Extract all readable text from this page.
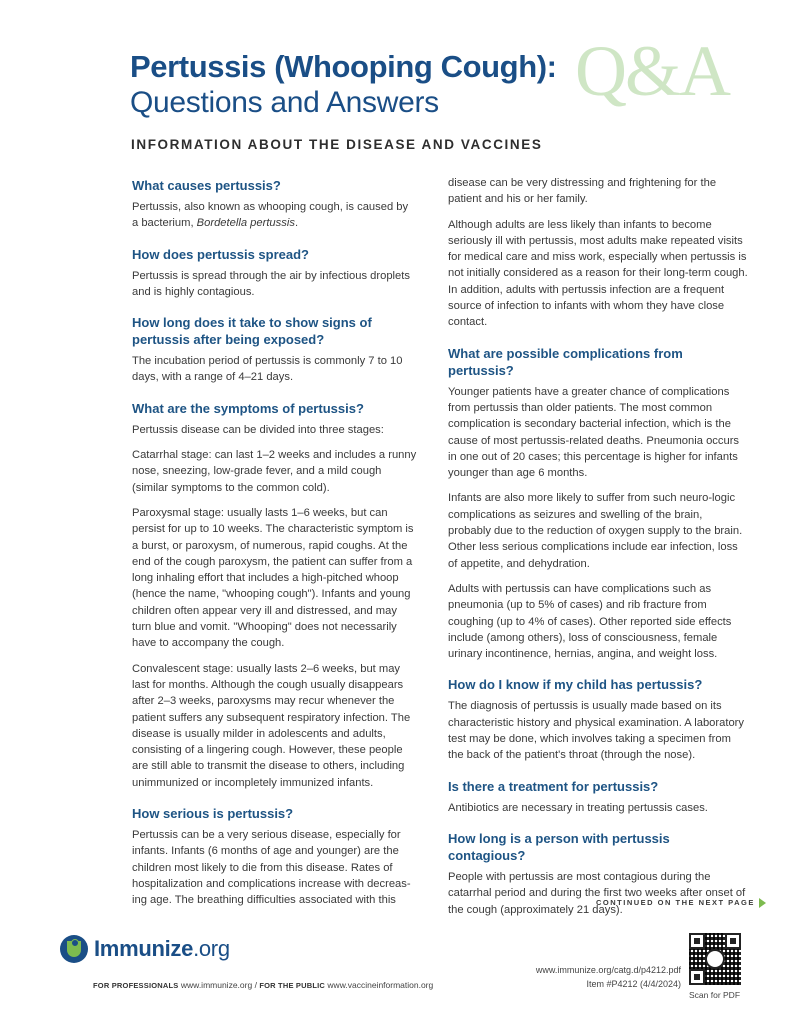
Pertussis (Whooping Cough):
Questions and Answers Q&A
INFORMATION ABOUT THE DISEASE AND VACCINES
What causes pertussis?

Pertussis, also known as whooping cough, is caused by a bacterium, Bordetella pertussis.

How does pertussis spread?

Pertussis is spread through the air by infectious droplets and is highly contagious.

How long does it take to show signs of pertussis after being exposed?

The incubation period of pertussis is commonly 7 to 10 days, with a range of 4–21 days.

What are the symptoms of pertussis?

Pertussis disease can be divided into three stages:

Catarrhal stage: can last 1–2 weeks and includes a runny nose, sneezing, low-grade fever, and a mild cough (similar symptoms to the common cold).

Paroxysmal stage: usually lasts 1–6 weeks, but can persist for up to 10 weeks. The characteristic symptom is a burst, or paroxysm, of numerous, rapid coughs. At the end of the cough paroxysm, the patient can suffer from a long inhaling effort that includes a high-pitched whoop (hence the name, "whooping cough"). Infants and young children often appear very ill and distressed, and may turn blue and vomit. "Whooping" does not necessarily have to accompany the cough.

Convalescent stage: usually lasts 2–6 weeks, but may last for months. Although the cough usually disappears after 2–3 weeks, paroxysms may recur whenever the patient suffers any subsequent respiratory infection. The disease is usually milder in adolescents and adults, consisting of a lingering cough. However, these people are still able to transmit the disease to others, including unimmunized or incompletely immunized infants.

How serious is pertussis?

Pertussis can be a very serious disease, especially for infants. Infants (6 months of age and younger) are the children most likely to die from this disease. Rates of hospitalization and complications increase with decreas-ing age. The breathing difficulties associated with this

disease can be very distressing and frightening for the patient and his or her family.

Although adults are less likely than infants to become seriously ill with pertussis, most adults make repeated visits for medical care and miss work, especially when pertussis is not initially considered as a reason for their long-term cough. In addition, adults with pertussis infection are a frequent source of infection to infants with whom they have close contact.

What are possible complications from pertussis?

Younger patients have a greater chance of complications from pertussis than older patients. The most common complication is secondary bacterial infection, which is the cause of most pertussis-related deaths. Pneumonia occurs in one out of 20 cases; this percentage is higher for infants younger than age 6 months.

Infants are also more likely to suffer from such neuro-logic complications as seizures and swelling of the brain, probably due to the reduction of oxygen supply to the brain. Other less serious complications include ear infection, loss of appetite, and dehydration.

Adults with pertussis can have complications such as pneumonia (up to 5% of cases) and rib fracture from coughing (up to 4% of cases). Other reported side effects include (among others), loss of consciousness, female urinary incontinence, hernias, angina, and weight loss.

How do I know if my child has pertussis?

The diagnosis of pertussis is usually made based on its characteristic history and physical examination. A laboratory test may be done, which involves taking a specimen from the back of the patient's throat (through the nose).

Is there a treatment for pertussis?

Antibiotics are necessary in treating pertussis cases.

How long is a person with pertussis contagious?

People with pertussis are most contagious during the catarrhal period and during the first two weeks after onset of the cough (approximately 21 days).

CONTINUED ON THE NEXT PAGE
Immunize.org
FOR PROFESSIONALS www.immunize.org / FOR THE PUBLIC www.vaccineinformation.org
www.immunize.org/catg.d/p4212.pdf
Item #P4212 (4/4/2024)
Scan for PDF
